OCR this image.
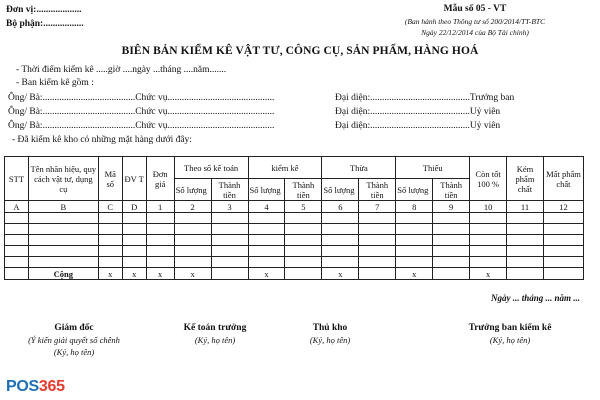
Đơn vị:...................
Bộ phận:.................
Mẫu số 05 - VT
(Ban hành theo Thông tư số 200/2014/TT-BTC
Ngày 22/12/2014 của Bộ Tài chính)
BIÊN BẢN KIỂM KÊ VẬT TƯ, CÔNG CỤ, SẢN PHẨM, HÀNG HOÁ
- Thời điểm kiểm kê .....giờ ....ngày ...tháng ....năm.......
- Ban kiểm kê gồm :
Ông/ Bà:.......................................Chức vụ.............................................	Đại diện:..........................................Trưởng ban
Ông/ Bà:.......................................Chức vụ.............................................	Đại diện:..........................................Uỷ viên
Ông/ Bà:.......................................Chức vụ.............................................	Đại diện:..........................................Uỷ viên
- Đã kiểm kê kho có những mặt hàng dưới đây:
STT	Tên nhãn hiệu, quy cách vật tư, dụng cụ	Mã số	ĐV T	Đơn giá	Theo sổ kế toán		kiểm kê		Thừa		Thiếu		Còn tốt 100 %	Kém phẩm chất	Mất phẩm chất
					Số lượng	Thành tiền	Số lượng	Thành tiền	Số lượng	Thành tiền	Số lượng	Thành tiền			
A	B	C	D	1	2	3	4	5	6	7	8	9	10	11	12

	Cộng	x	x	x	x		x		x		x		x		
Ngày ... tháng ... năm ...
Giám đốc
(Ý kiến giải quyết số chênh
(Ký, họ tên)
Kế toán trưởng
(Ký, họ tên)
Thủ kho
(Ký, họ tên)
Trưởng ban kiểm kê
(Ký, họ tên)
POS365
